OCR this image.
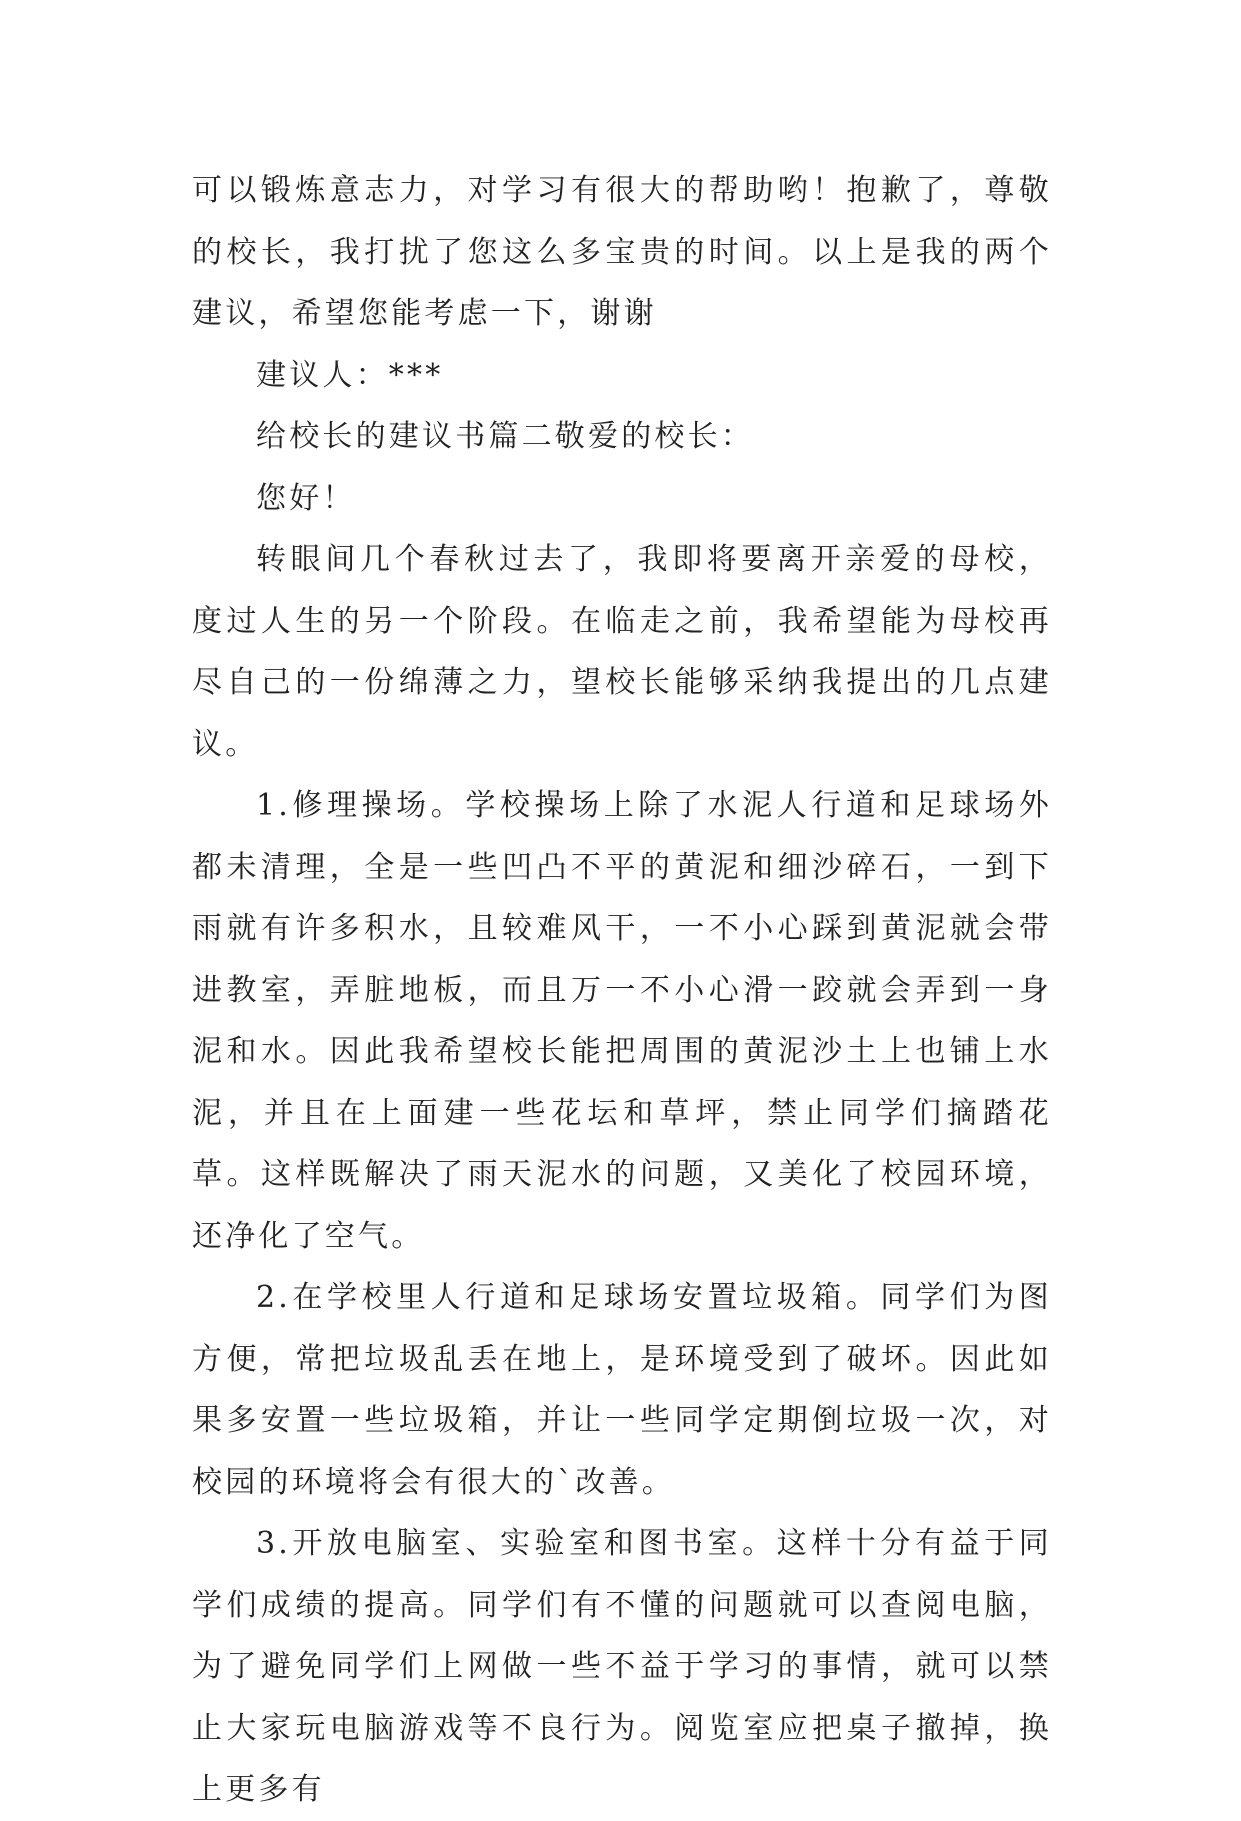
可以锻炼意志力，对学习有很大的帮助哟！抱歉了，尊敬的校长，我打扰了您这么多宝贵的时间。以上是我的两个建议，希望您能考虑一下，谢谢

建议人：***

给校长的建议书篇二敬爱的校长：

您好！

转眼间几个春秋过去了，我即将要离开亲爱的母校，度过人生的另一个阶段。在临走之前，我希望能为母校再尽自己的一份绵薄之力，望校长能够采纳我提出的几点建议。

1.修理操场。学校操场上除了水泥人行道和足球场外都未清理，全是一些凹凸不平的黄泥和细沙碎石，一到下雨就有许多积水，且较难风干，一不小心踩到黄泥就会带进教室，弄脏地板，而且万一不小心滑一跤就会弄到一身泥和水。因此我希望校长能把周围的黄泥沙土上也铺上水泥，并且在上面建一些花坛和草坪，禁止同学们摘踏花草。这样既解决了雨天泥水的问题，又美化了校园环境，还净化了空气。

2.在学校里人行道和足球场安置垃圾箱。同学们为图方便，常把垃圾乱丢在地上，是环境受到了破坏。因此如果多安置一些垃圾箱，并让一些同学定期倒垃圾一次，对校园的环境将会有很大的`改善。

3.开放电脑室、实验室和图书室。这样十分有益于同学们成绩的提高。同学们有不懂的问题就可以查阅电脑，为了避免同学们上网做一些不益于学习的事情，就可以禁止大家玩电脑游戏等不良行为。阅览室应把桌子撤掉，换上更多有
